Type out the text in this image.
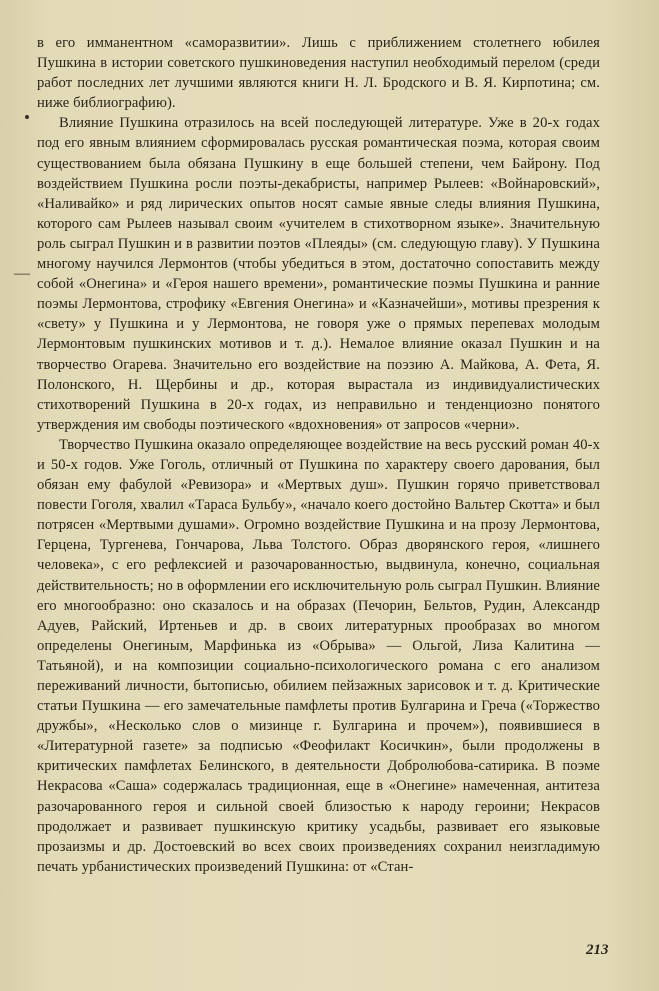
—

в его имманентном «саморазвитии». Лишь с приближением столетнего юбилея Пушкина в истории советского пушкиноведения наступил необходимый перелом (среди работ последних лет лучшими являются книги Н. Л. Бродского и В. Я. Кирпотина; см. ниже библиографию).

Влияние Пушкина отразилось на всей последующей литературе. Уже в 20-х годах под его явным влиянием сформировалась русская романтическая поэма, которая своим существованием была обязана Пушкину в еще большей степени, чем Байрону. Под воздействием Пушкина росли поэты-декабристы, например Рылеев: «Войнаровский», «Наливайко» и ряд лирических опытов носят самые явные следы влияния Пушкина, которого сам Рылеев называл своим «учителем в стихотворном языке». Значительную роль сыграл Пушкин и в развитии поэтов «Плеяды» (см. следующую главу). У Пушкина многому научился Лермонтов (чтобы убедиться в этом, достаточно сопоставить между собой «Онегина» и «Героя нашего времени», романтические поэмы Пушкина и ранние поэмы Лермонтова, строфику «Евгения Онегина» и «Казначейши», мотивы презрения к «свету» у Пушкина и у Лермонтова, не говоря уже о прямых перепевах молодым Лермонтовым пушкинских мотивов и т. д.). Немалое влияние оказал Пушкин и на творчество Огарева. Значительно его воздействие на поэзию А. Майкова, А. Фета, Я. Полонского, Н. Щербины и др., которая вырастала из индивидуалистических стихотворений Пушкина в 20-х годах, из неправильно и тенденциозно понятого утверждения им свободы поэтического «вдохновения» от запросов «черни».

Творчество Пушкина оказало определяющее воздействие на весь русский роман 40-х и 50-х годов. Уже Гоголь, отличный от Пушкина по характеру своего дарования, был обязан ему фабулой «Ревизора» и «Мертвых душ». Пушкин горячо приветствовал повести Гоголя, хвалил «Тараса Бульбу», «начало коего достойно Вальтер Скотта» и был потрясен «Мертвыми душами». Огромно воздействие Пушкина и на прозу Лермонтова, Герцена, Тургенева, Гончарова, Льва Толстого. Образ дворянского героя, «лишнего человека», с его рефлексией и разочарованностью, выдвинула, конечно, социальная действительность; но в оформлении его исключительную роль сыграл Пушкин. Влияние его многообразно: оно сказалось и на образах (Печорин, Бельтов, Рудин, Александр Адуев, Райский, Иртеньев и др. в своих литературных прообразах во многом определены Онегиным, Марфинька из «Обрыва» — Ольгой, Лиза Калитина — Татьяной), и на композиции социально-психологического романа с его анализом переживаний личности, бытописью, обилием пейзажных зарисовок и т. д. Критические статьи Пушкина — его замечательные памфлеты против Булгарина и Греча («Торжество дружбы», «Несколько слов о мизинце г. Булгарина и прочем»), появившиеся в «Литературной газете» за подписью «Феофилакт Косичкин», были продолжены в критических памфлетах Белинского, в деятельности Добролюбова-сатирика. В поэме Некрасова «Саша» содержалась традиционная, еще в «Онегине» намеченная, антитеза разочарованного героя и сильной своей близостью к народу героини; Некрасов продолжает и развивает пушкинскую критику усадьбы, развивает его языковые прозаизмы и др. Достоевский во всех своих произведениях сохранил неизгладимую печать урбанистических произведений Пушкина: от «Стан-

213
